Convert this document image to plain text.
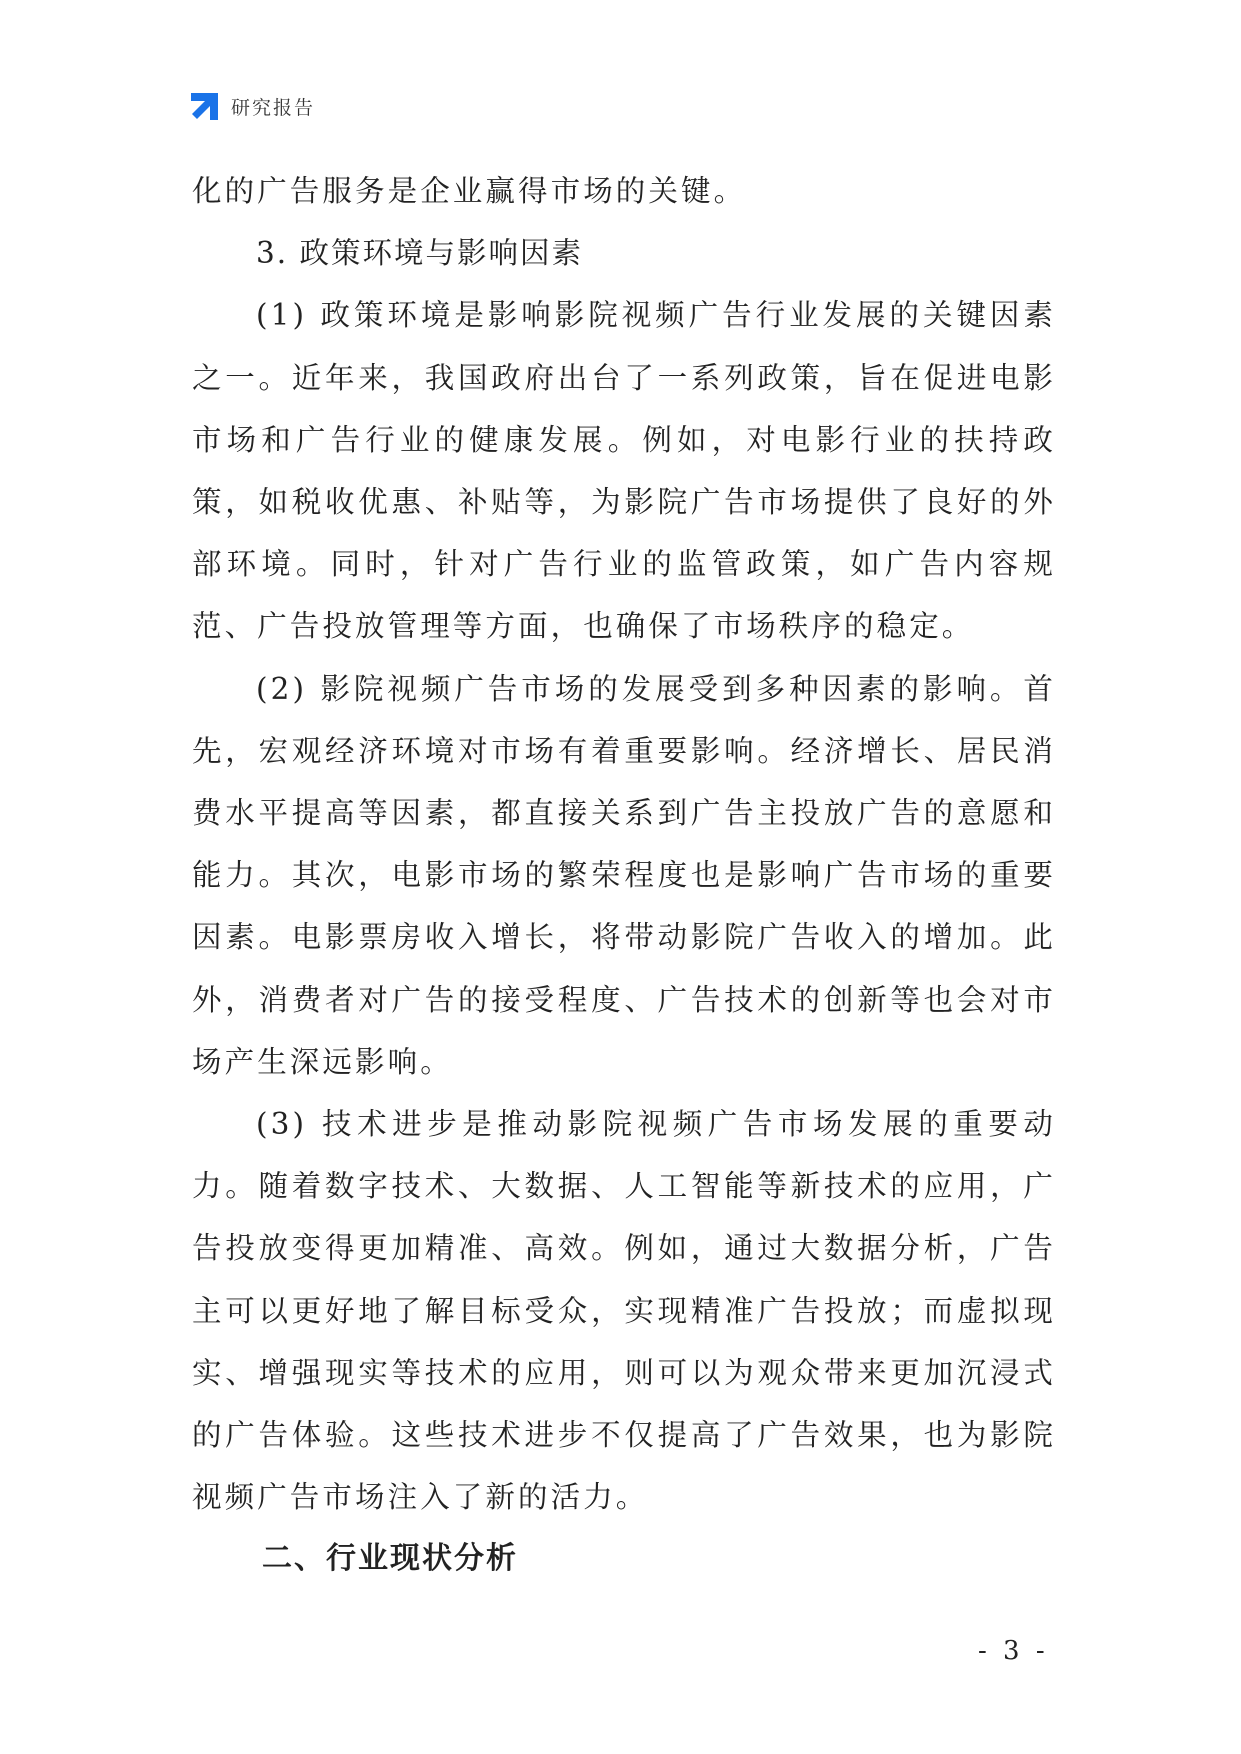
研究报告

化的广告服务是企业赢得市场的关键。

3. 政策环境与影响因素

(1) 政策环境是影响影院视频广告行业发展的关键因素之一。近年来，我国政府出台了一系列政策，旨在促进电影市场和广告行业的健康发展。例如，对电影行业的扶持政策，如税收优惠、补贴等，为影院广告市场提供了良好的外部环境。同时，针对广告行业的监管政策，如广告内容规范、广告投放管理等方面，也确保了市场秩序的稳定。

(2) 影院视频广告市场的发展受到多种因素的影响。首先，宏观经济环境对市场有着重要影响。经济增长、居民消费水平提高等因素，都直接关系到广告主投放广告的意愿和能力。其次，电影市场的繁荣程度也是影响广告市场的重要因素。电影票房收入增长，将带动影院广告收入的增加。此外，消费者对广告的接受程度、广告技术的创新等也会对市场产生深远影响。

(3) 技术进步是推动影院视频广告市场发展的重要动力。随着数字技术、大数据、人工智能等新技术的应用，广告投放变得更加精准、高效。例如，通过大数据分析，广告主可以更好地了解目标受众，实现精准广告投放；而虚拟现实、增强现实等技术的应用，则可以为观众带来更加沉浸式的广告体验。这些技术进步不仅提高了广告效果，也为影院视频广告市场注入了新的活力。

二、行业现状分析
- 3 -
